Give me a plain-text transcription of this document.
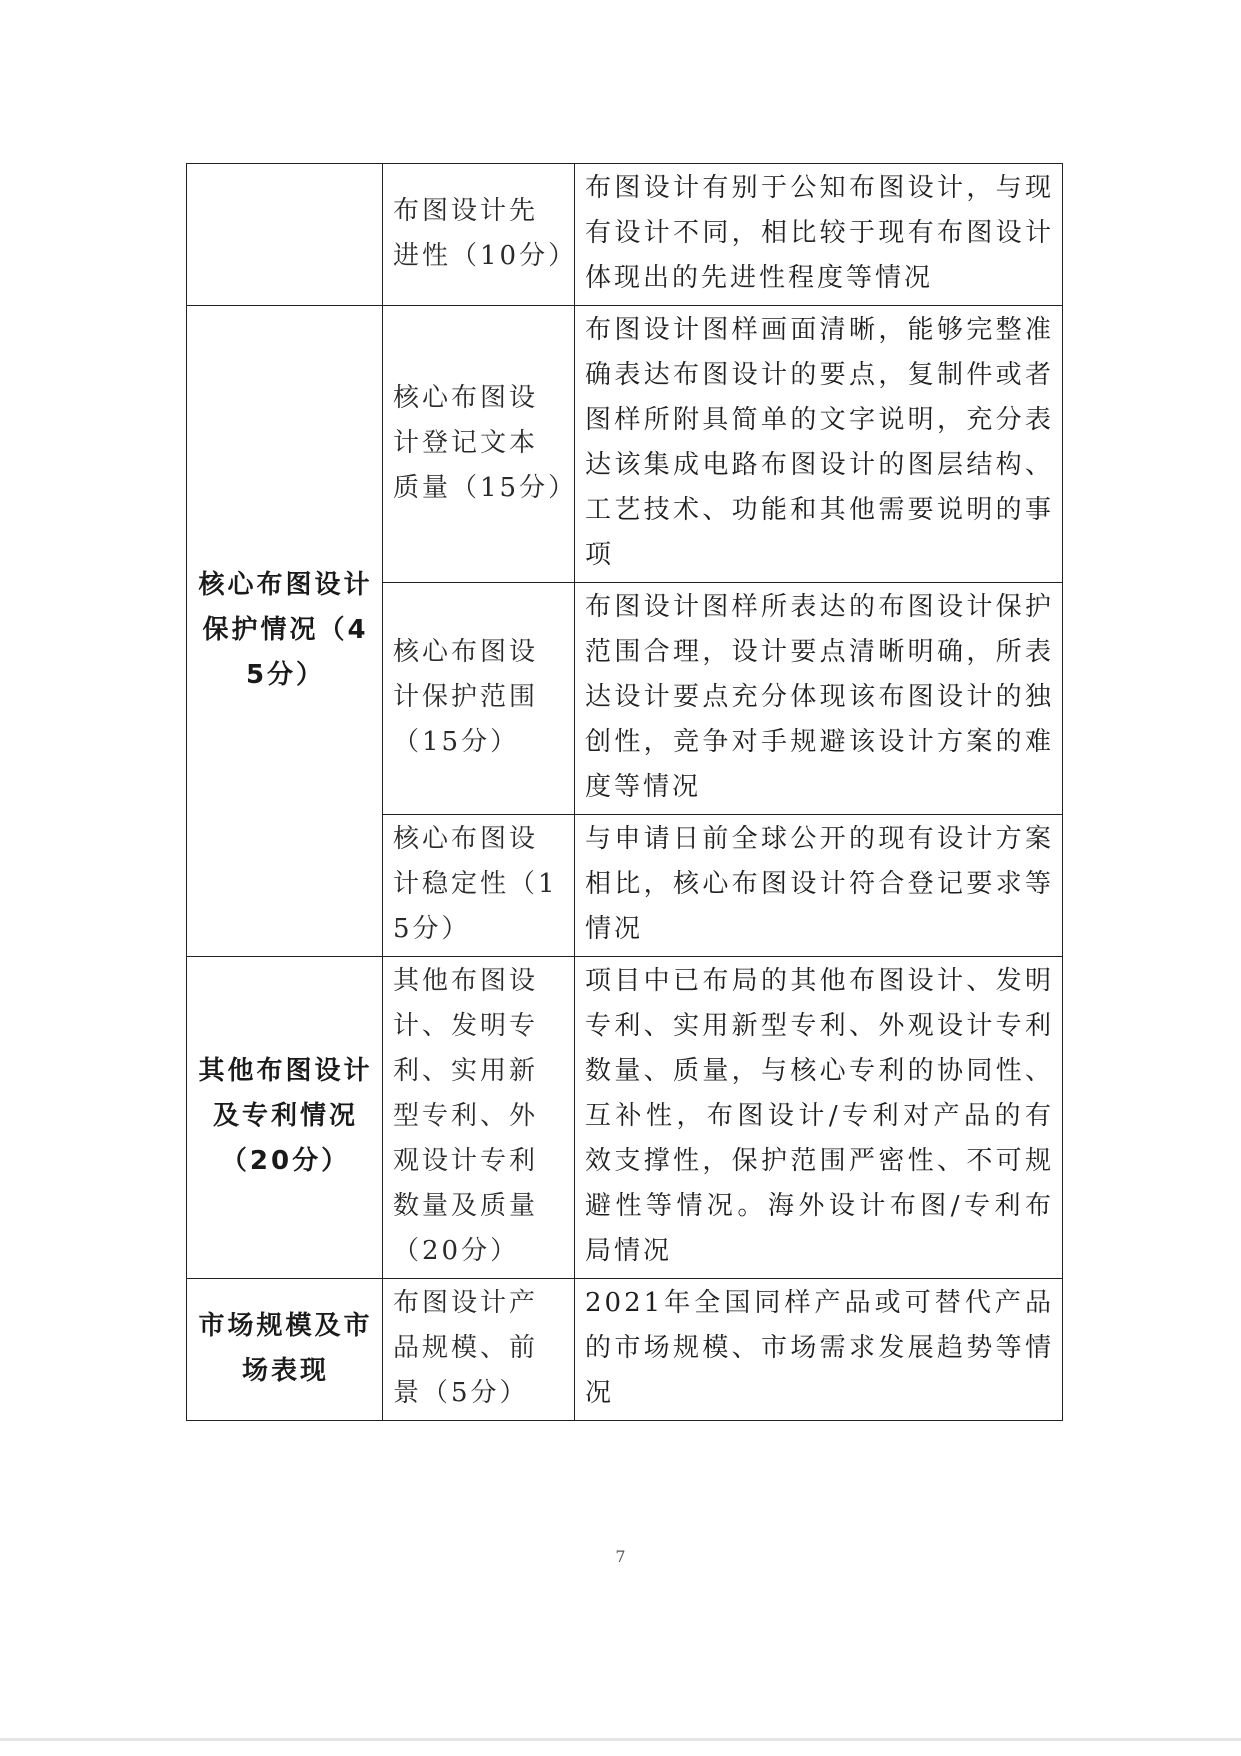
	布图设计先进性（10分）	布图设计有别于公知布图设计，与现有设计不同，相比较于现有布图设计体现出的先进性程度等情况
核心布图设计保护情况（45分）	核心布图设计登记文本质量（15分）	布图设计图样画面清晰，能够完整准确表达布图设计的要点，复制件或者图样所附具简单的文字说明，充分表达该集成电路布图设计的图层结构、工艺技术、功能和其他需要说明的事项
	核心布图设计保护范围（15分）	布图设计图样所表达的布图设计保护范围合理，设计要点清晰明确，所表达设计要点充分体现该布图设计的独创性，竞争对手规避该设计方案的难度等情况
	核心布图设计稳定性（15分）	与申请日前全球公开的现有设计方案相比，核心布图设计符合登记要求等情况
其他布图设计及专利情况（20分）	其他布图设计、发明专利、实用新型专利、外观设计专利数量及质量（20分）	项目中已布局的其他布图设计、发明专利、实用新型专利、外观设计专利数量、质量，与核心专利的协同性、互补性，布图设计/专利对产品的有效支撑性，保护范围严密性、不可规避性等情况。海外设计布图/专利布局情况
市场规模及市场表现	布图设计产品规模、前景（5分）	2021年全国同样产品或可替代产品的市场规模、市场需求发展趋势等情况
7
